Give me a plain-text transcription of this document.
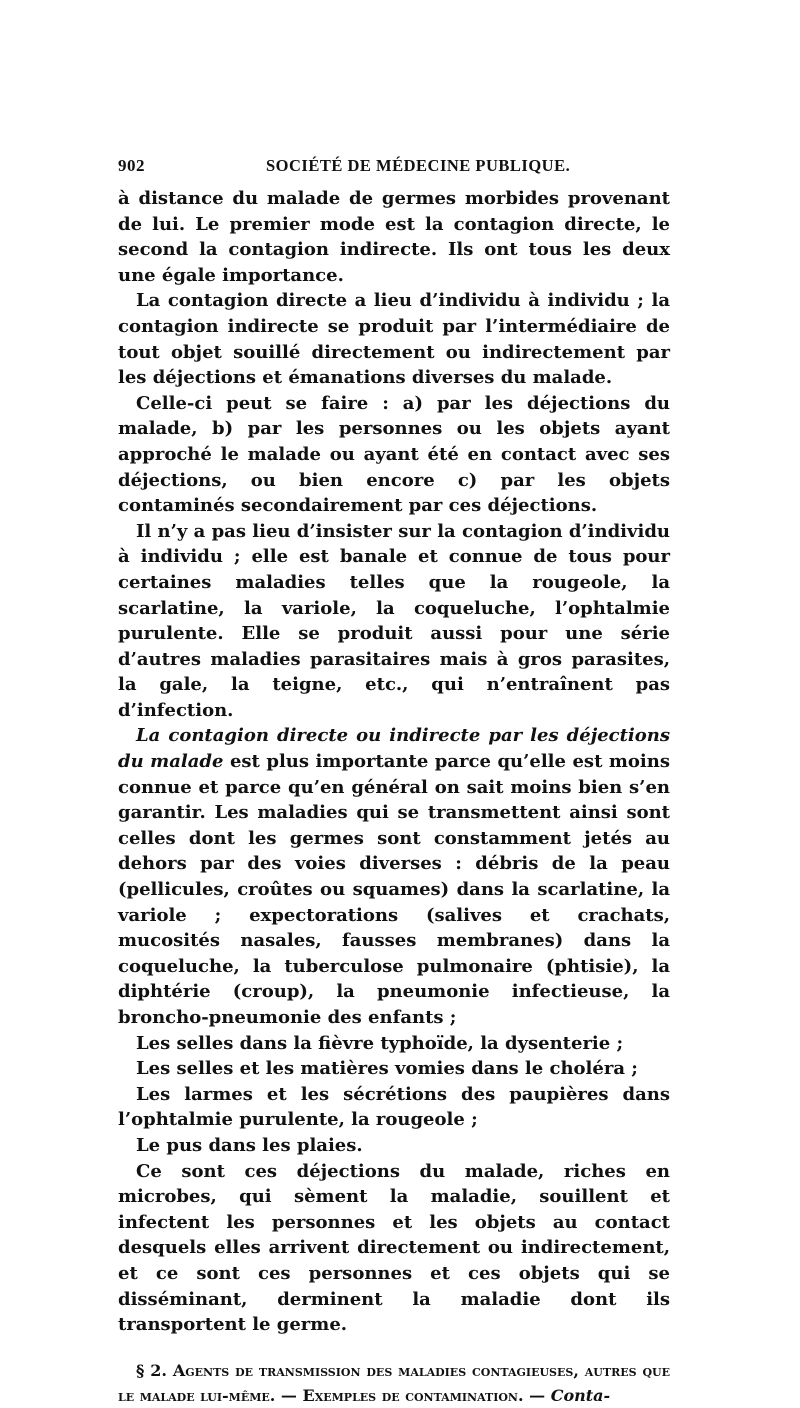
902	SOCIÉTÉ DE MÉDECINE PUBLIQUE.

à distance du malade de germes morbides provenant de lui. Le premier mode est la contagion directe, le second la contagion indirecte. Ils ont tous les deux une égale importance.

La contagion directe a lieu d’individu à individu ; la contagion indirecte se produit par l’intermédiaire de tout objet souillé directement ou indirectement par les déjections et émanations diverses du malade.

Celle-ci peut se faire : a) par les déjections du malade, b) par les personnes ou les objets ayant approché le malade ou ayant été en contact avec ses déjections, ou bien encore c) par les objets contaminés secondairement par ces déjections.

Il n’y a pas lieu d’insister sur la contagion d’individu à individu ; elle est banale et connue de tous pour certaines maladies telles que la rougeole, la scarlatine, la variole, la coqueluche, l’ophtalmie purulente. Elle se produit aussi pour une série d’autres maladies parasitaires mais à gros parasites, la gale, la teigne, etc., qui n’entraînent pas d’infection.

La contagion directe ou indirecte par les déjections du malade est plus importante parce qu’elle est moins connue et parce qu’en général on sait moins bien s’en garantir. Les maladies qui se transmettent ainsi sont celles dont les germes sont constamment jetés au dehors par des voies diverses : débris de la peau (pellicules, croûtes ou squames) dans la scarlatine, la variole ; expectorations (salives et crachats, mucosités nasales, fausses membranes) dans la coqueluche, la tuberculose pulmonaire (phtisie), la diphtérie (croup), la pneumonie infectieuse, la broncho-pneumonie des enfants ;

Les selles dans la fièvre typhoïde, la dysenterie ;

Les selles et les matières vomies dans le choléra ;

Les larmes et les sécrétions des paupières dans l’ophtalmie purulente, la rougeole ;

Le pus dans les plaies.

Ce sont ces déjections du malade, riches en microbes, qui sèment la maladie, souillent et infectent les personnes et les objets au contact desquels elles arrivent directement ou indirectement, et ce sont ces personnes et ces objets qui se disséminant, derminent la maladie dont ils transportent le germe.

§ 2. Agents de transmission des maladies contagieuses, autres que le malade lui-même. — Exemples de contamination. — Conta-
